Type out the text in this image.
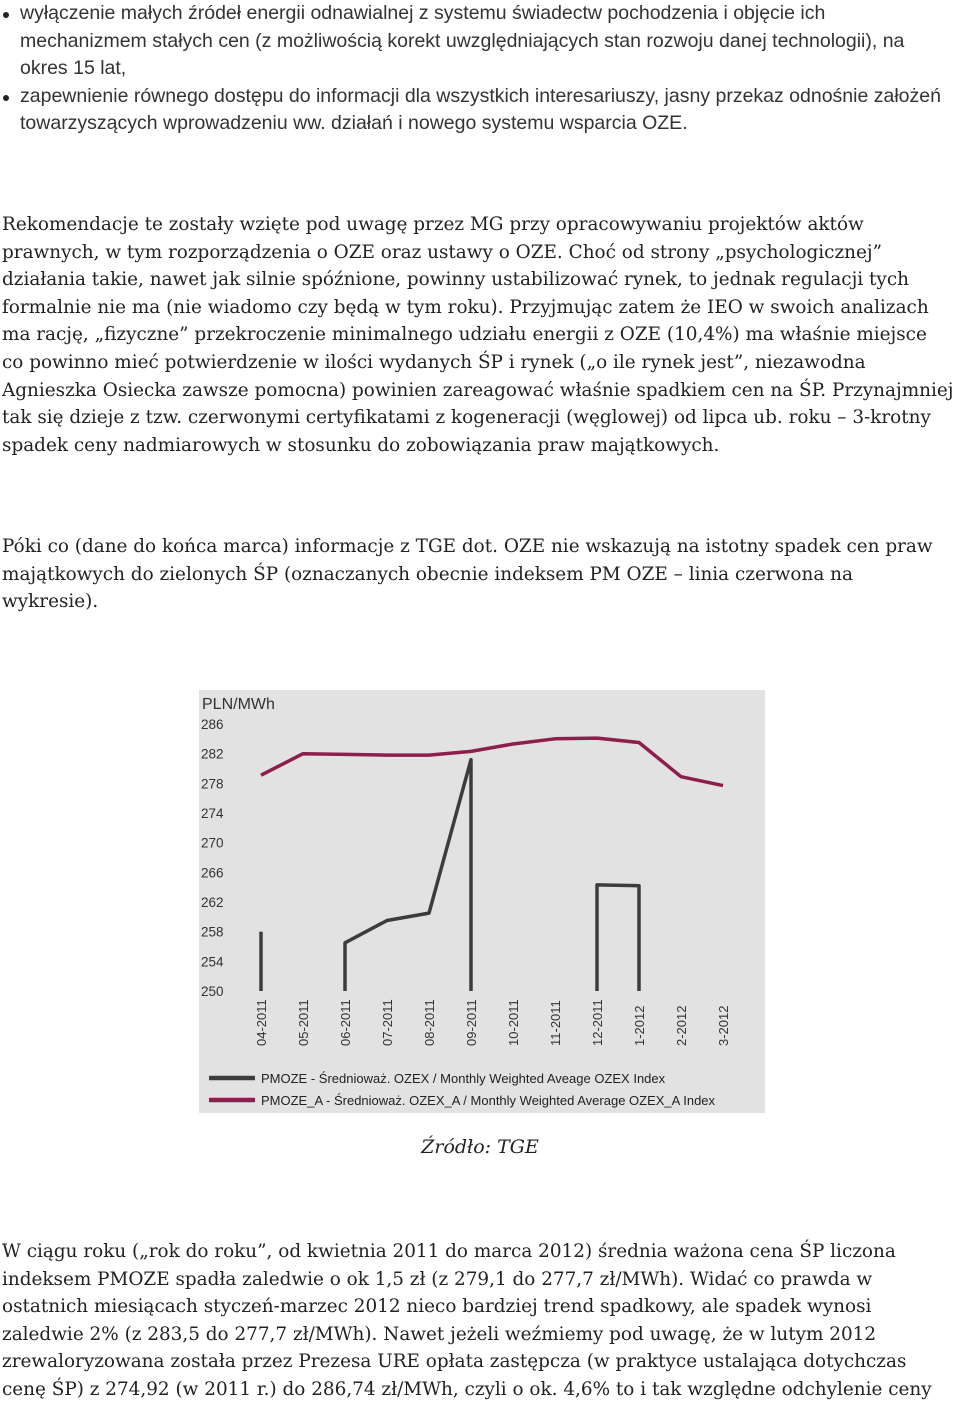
wyłączenie małych źródeł energii odnawialnej z systemu świadectw pochodzenia i objęcie ich mechanizmem stałych cen (z możliwością korekt uwzględniających stan rozwoju danej technologii), na okres 15 lat,
zapewnienie równego dostępu do informacji dla wszystkich interesariuszy, jasny przekaz odnośnie założeń towarzyszących wprowadzeniu ww. działań i nowego systemu wsparcia OZE.

Rekomendacje te zostały wzięte pod uwagę przez MG przy opracowywaniu projektów aktów prawnych, w tym rozporządzenia o OZE oraz ustawy o OZE. Choć od strony „psychologicznej” działania takie, nawet jak silnie spóźnione, powinny ustabilizować rynek, to jednak regulacji tych formalnie nie ma (nie wiadomo czy będą w tym roku). Przyjmując zatem że IEO w swoich analizach ma rację, „fizyczne” przekroczenie minimalnego udziału energii z OZE (10,4%) ma właśnie miejsce co powinno mieć potwierdzenie w ilości wydanych ŚP i rynek („o ile rynek jest”, niezawodna Agnieszka Osiecka zawsze pomocna) powinien zareagować właśnie spadkiem cen na ŚP. Przynajmniej tak się dzieje z tzw. czerwonymi certyfikatami z kogeneracji (węglowej) od lipca ub. roku – 3-krotny spadek ceny nadmiarowych w stosunku do zobowiązania praw majątkowych.

Póki co (dane do końca marca) informacje z TGE dot. OZE nie wskazują na istotny spadek cen praw majątkowych do zielonych ŚP (oznaczanych obecnie indeksem PM OZE – linia czerwona na wykresie).

PLN/MWh
286
282
278
274
270
266
262
258
254
250
04-2011 05-2011 06-2011 07-2011 08-2011 09-2011 10-2011 11-2011 12-2011 1-2012 2-2012 3-2012
PMOZE - Średnioważ. OZEX / Monthly Weighted Aveage OZEX Index
PMOZE_A - Średnioważ. OZEX_A / Monthly Weighted Average OZEX_A Index
Źródło: TGE

W ciągu roku („rok do roku”, od kwietnia 2011 do marca 2012) średnia ważona cena ŚP liczona indeksem PMOZE spadła zaledwie o ok 1,5 zł (z 279,1 do 277,7 zł/MWh). Widać co prawda w ostatnich miesiącach styczeń-marzec 2012 nieco bardziej trend spadkowy, ale spadek wynosi zaledwie 2% (z 283,5 do 277,7 zł/MWh). Nawet jeżeli weźmiemy pod uwagę, że w lutym 2012 zrewaloryzowana została przez Prezesa URE opłata zastępcza (w praktyce ustalająca dotychczas cenę ŚP) z 274,92 (w 2011 r.) do 286,74 zł/MWh, czyli o ok. 4,6% to i tak względne odchylenie ceny
